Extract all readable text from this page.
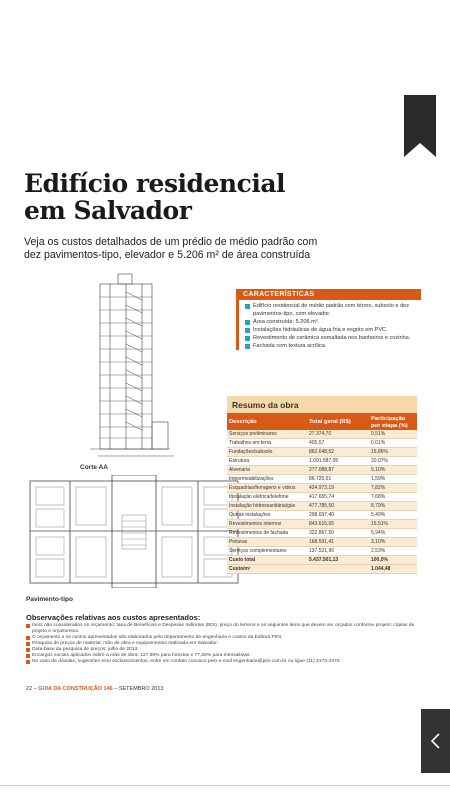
Edifício residencial
em Salvador
Veja os custos detalhados de um prédio de médio padrão com dez pavimentos-tipo, elevador e 5.206 m² de área construída
Corte AA
Pavimento-tipo
CARACTERÍSTICAS
Edifício residencial de médio padrão com térreo, subsolo e dez pavimentos-tipo, com elevador.
Área construída: 5.206 m².
Instalações hidráulicas de água fria e esgoto em PVC.
Revestimento de cerâmica esmaltada nos banheiros e cozinha.
Fachada com textura acrílica.
Resumo da obra
Descrição	Total geral (R$)	Participação por etapa (%)
Serviços preliminares	27.374,70	0,51%
Trabalhos em terra	405,57	0,01%
Fundações/subsolo	862.648,52	15,86%
Estrutura	1.091.587,05	20,07%
Alvenaria	277.088,87	5,10%
Impermeabilizações	86.725,01	1,59%
Esquadrias/ferragens e vidros	424.973,19	7,82%
Instalação elétrica/telefone	417.655,74	7,68%
Instalação hidrossanitária/gás	477.785,50	8,79%
Outras instalações	298.697,40	5,49%
Revestimentos internos	843.615,65	15,51%
Revestimentos de fachada	322.867,50	5,94%
Pinturas	168.591,41	3,10%
Serviços complementares	137.521,96	2,53%
Custo total	5.437.501,13	100,0%
Custo/m²		1.044,48
Observações relativas aos custos apresentados:
Itens não considerados no orçamento: taxa de Benefícios e Despesas Indiretas (BDI), preço do terreno e os seguintes itens que devem ser orçados conforme projeto: cópias de projeto e orçamentos.
O orçamento e os custos apresentados são elaborados pelo departamento de engenharia e custos da Editora PINI.
Pesquisa de preços de material, mão de obra e equipamentos realizada em Salvador.
Data-base da pesquisa de preços: julho de 2013.
Encargos sociais aplicados sobre a mão de obra: 127,99% para horistas e 77,25% para mensalistas.
No caso de dúvidas, sugestões e/ou esclarecimentos, entre em contato conosco pelo e-mail engenharia@pini.com.br ou ligue (11) 2173-2370.
22 – GUIA DA CONSTRUÇÃO 146 – SETEMBRO 2013
